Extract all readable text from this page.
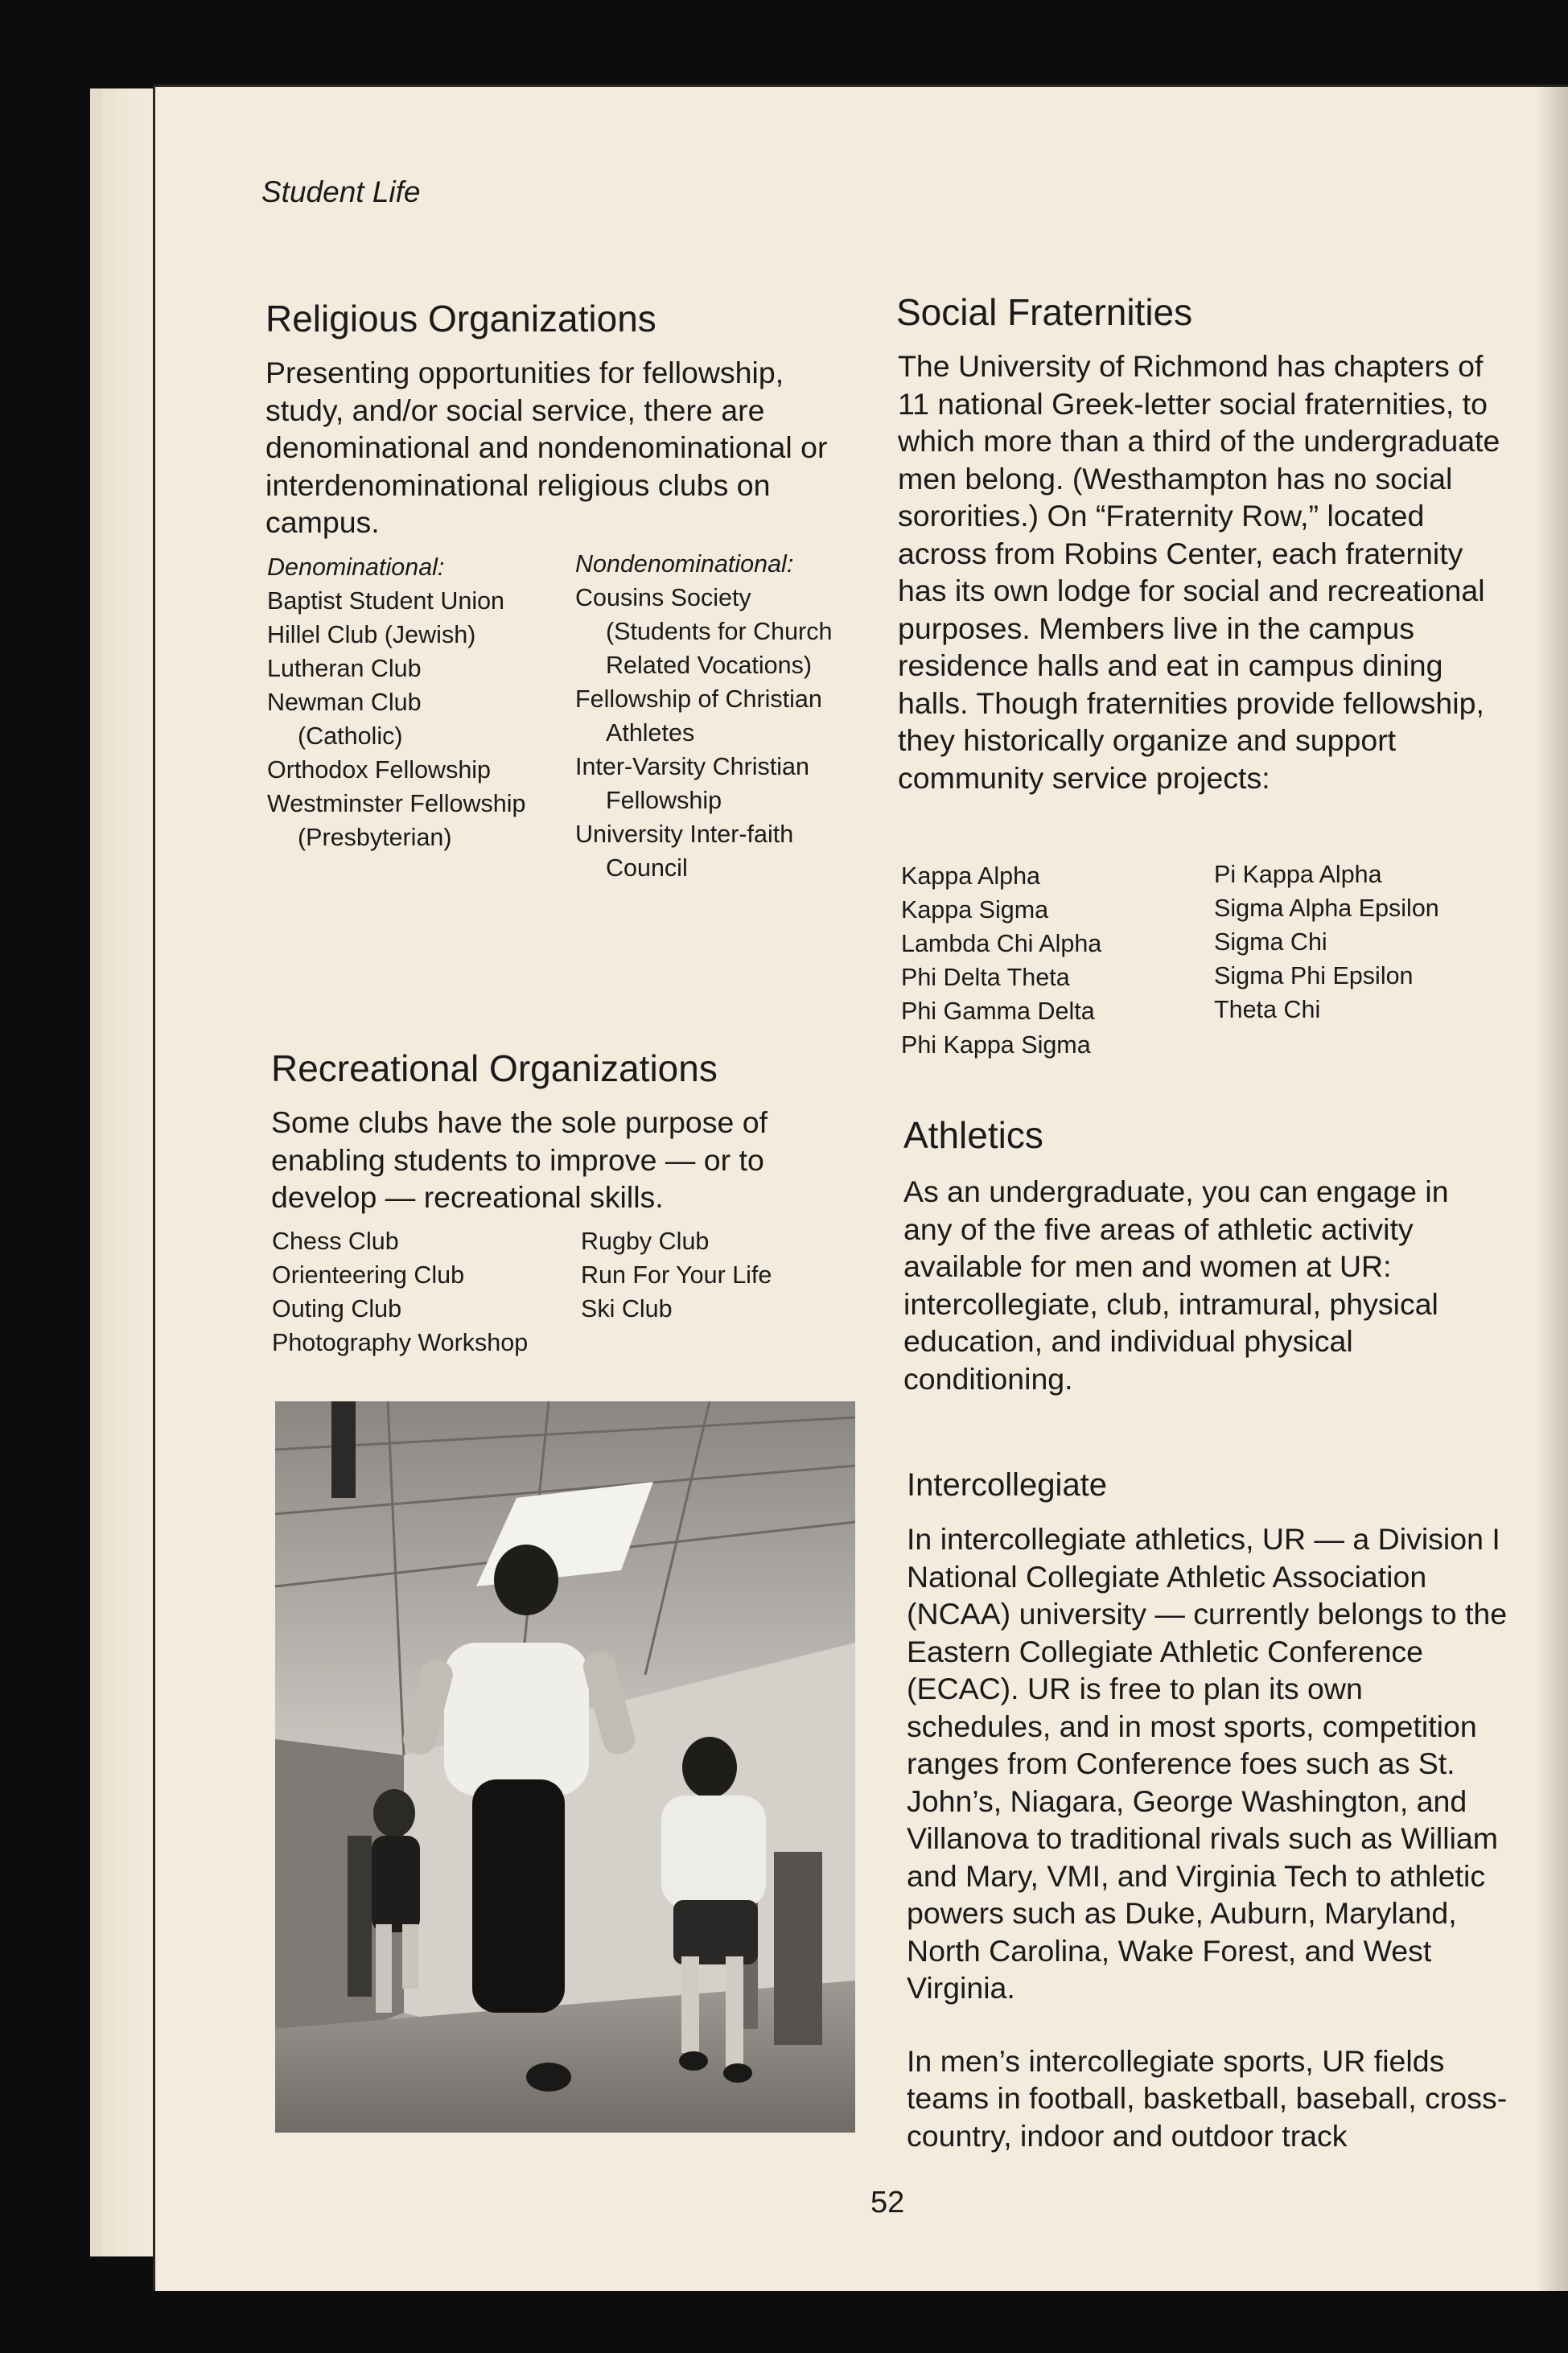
Student Life
Religious Organizations
Presenting opportunities for fellowship, study, and/or social service, there are denominational and nondenominational or interdenominational religious clubs on campus.
Denominational:
Baptist Student Union
Hillel Club (Jewish)
Lutheran Club
Newman Club (Catholic)
Orthodox Fellowship
Westminster Fellowship (Presbyterian)
Nondenominational:
Cousins Society (Students for Church Related Vocations)
Fellowship of Christian Athletes
Inter-Varsity Christian Fellowship
University Inter-faith Council
Recreational Organizations
Some clubs have the sole purpose of enabling students to improve — or to develop — recreational skills.
Chess Club
Orienteering Club
Outing Club
Photography Workshop
Rugby Club
Run For Your Life
Ski Club
Social Fraternities
The University of Richmond has chapters of 11 national Greek-letter social fraternities, to which more than a third of the undergraduate men belong. (Westhampton has no social sororities.) On “Fraternity Row,” located across from Robins Center, each fraternity has its own lodge for social and recreational purposes. Members live in the campus residence halls and eat in campus dining halls. Though fraternities provide fellowship, they historically organize and support community service projects:
Kappa Alpha
Kappa Sigma
Lambda Chi Alpha
Phi Delta Theta
Phi Gamma Delta
Phi Kappa Sigma
Pi Kappa Alpha
Sigma Alpha Epsilon
Sigma Chi
Sigma Phi Epsilon
Theta Chi
Athletics
As an undergraduate, you can engage in any of the five areas of athletic activity available for men and women at UR: intercollegiate, club, intramural, physical education, and individual physical conditioning.
Intercollegiate

In intercollegiate athletics, UR — a Division I National Collegiate Athletic Association (NCAA) university — currently belongs to the Eastern Collegiate Athletic Conference (ECAC). UR is free to plan its own schedules, and in most sports, competition ranges from Conference foes such as St. John’s, Niagara, George Washington, and Villanova to traditional rivals such as William and Mary, VMI, and Virginia Tech to athletic powers such as Duke, Auburn, Maryland, North Carolina, Wake Forest, and West Virginia.

In men’s intercollegiate sports, UR fields teams in football, basketball, baseball, cross-country, indoor and outdoor track

52
